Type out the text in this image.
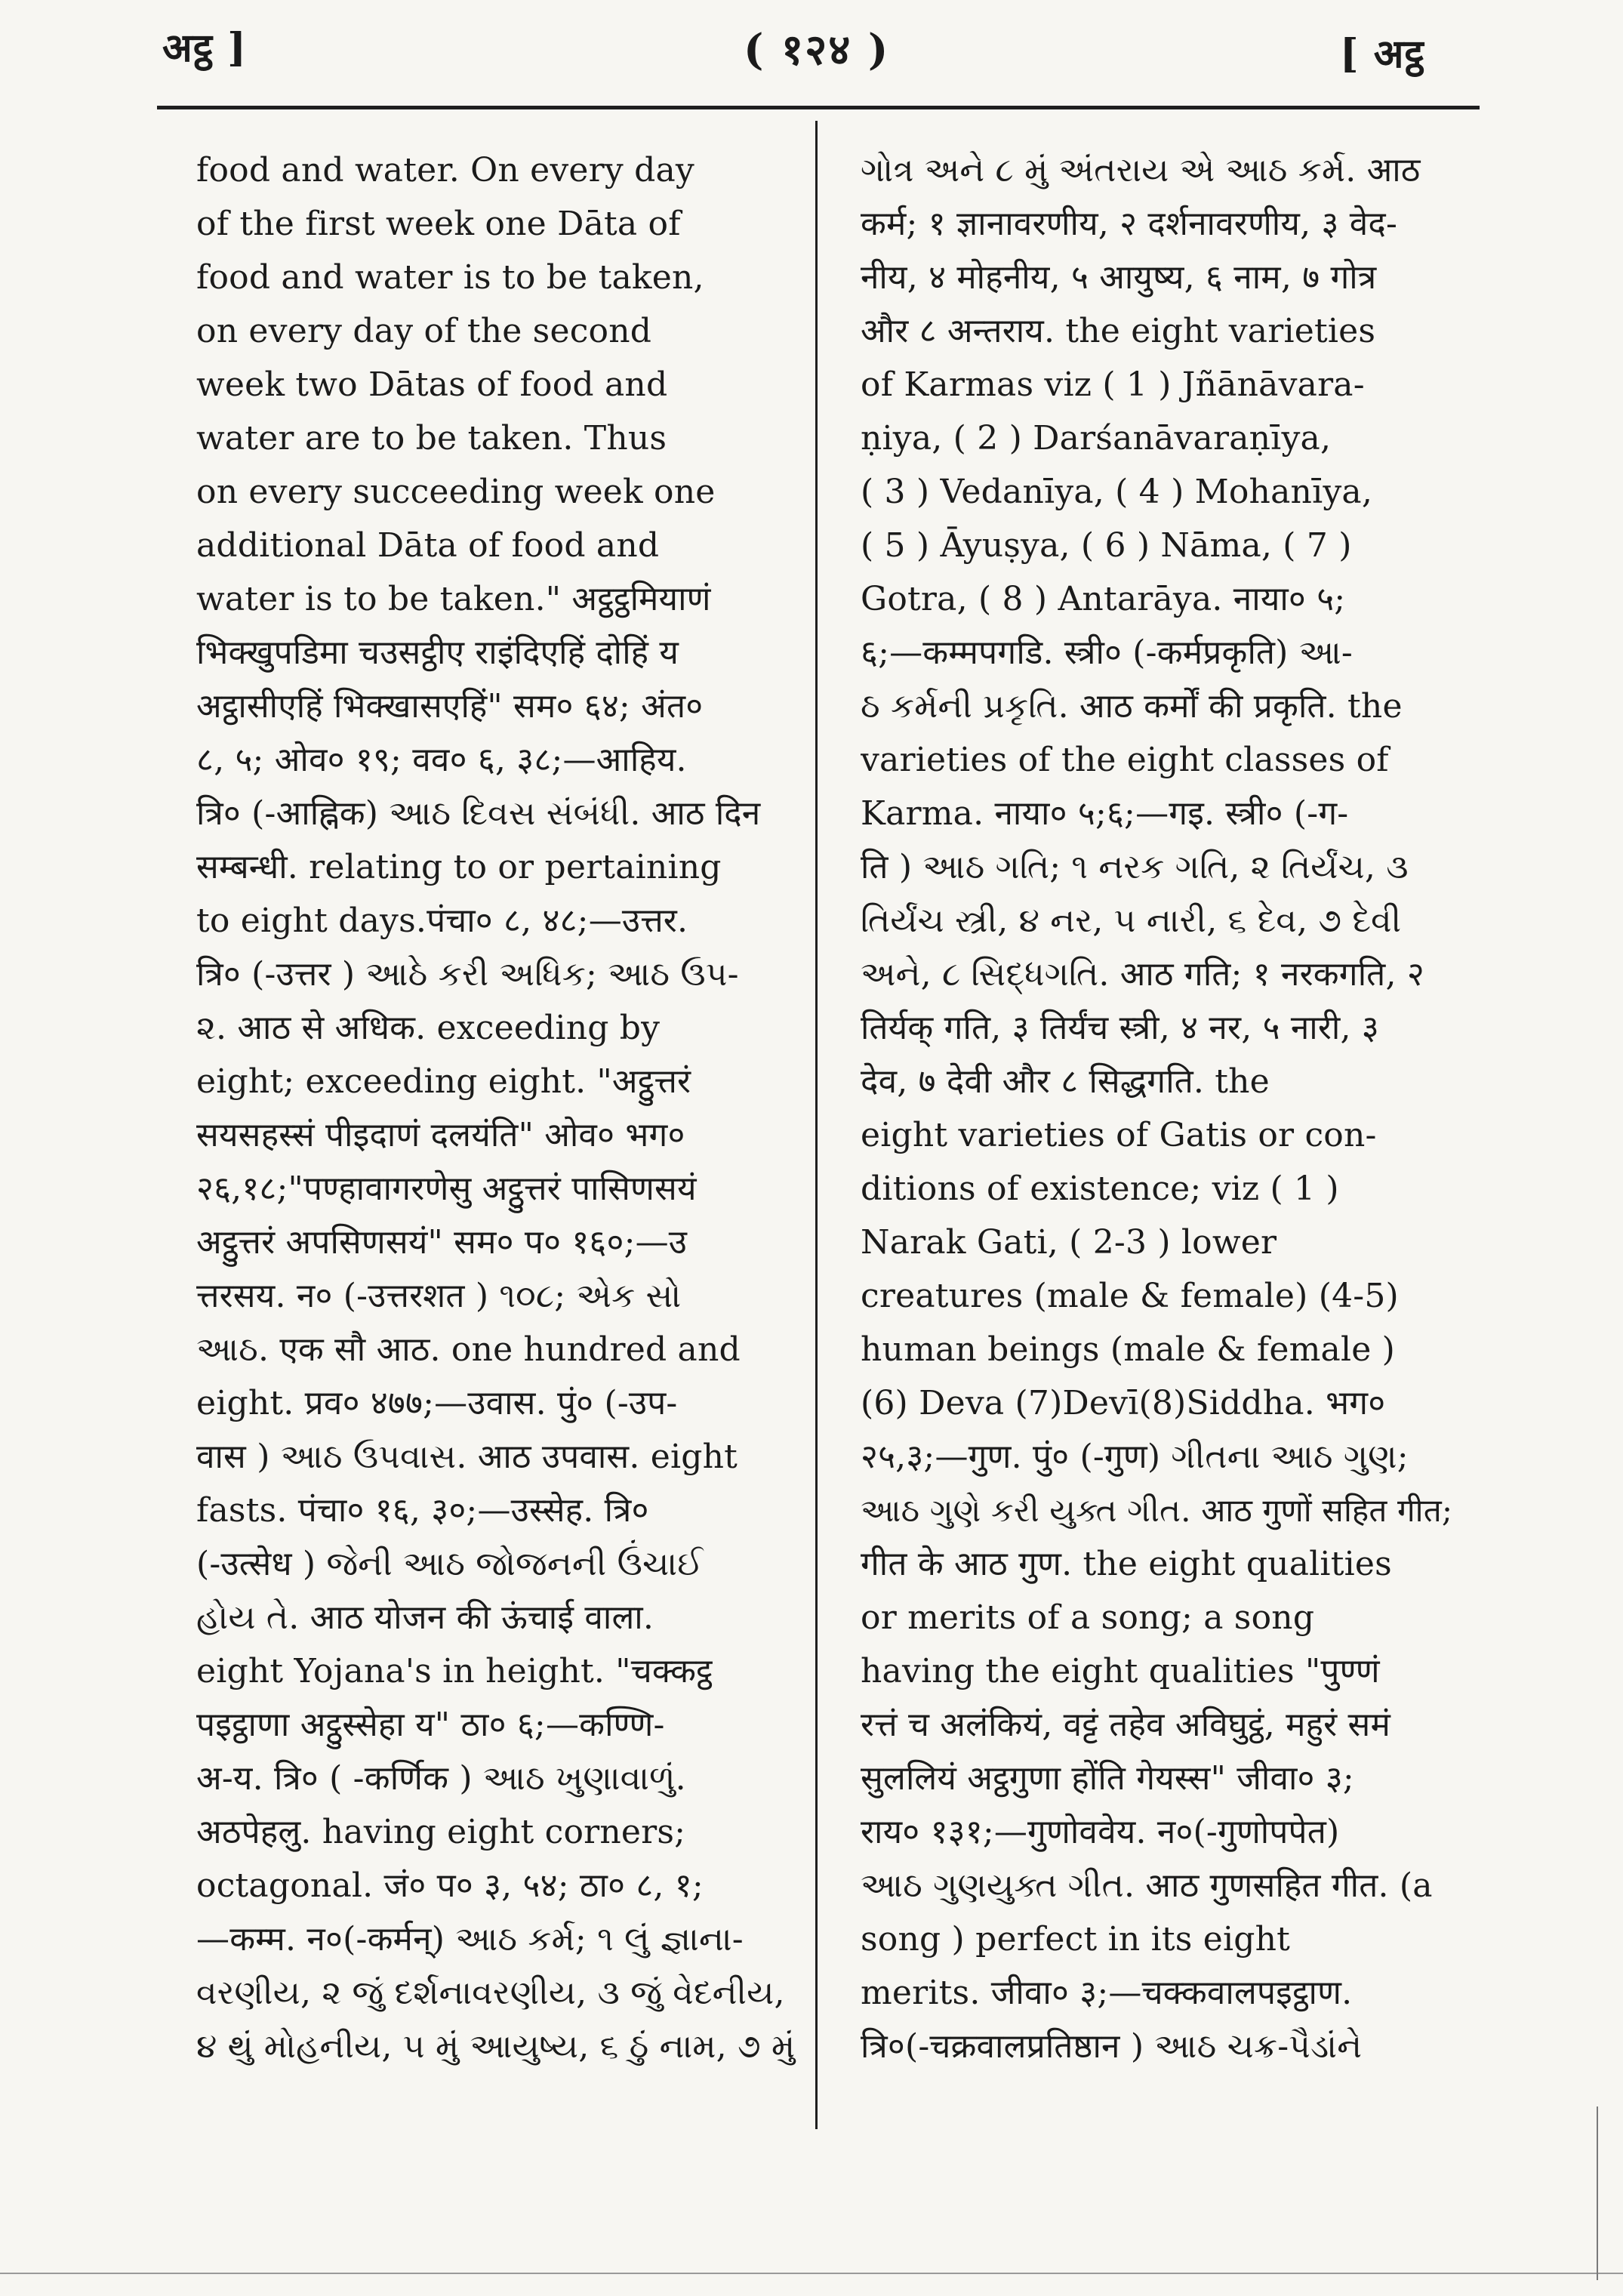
अट्ठ ]	( १२४ )	[ अट्ठ
food and water. On every day
of the first week one Dāta of
food and water is to be taken,
on every day of the second
week two Dātas of food and
water are to be taken. Thus
on every succeeding week one
additional Dāta of food and
water is to be taken." अट्ठट्ठमियाणं
भिक्खुपडिमा चउसट्ठीए राइंदिएहिं दोहिं य
अट्ठासीएहिं भिक्खासएहिं" सम० ६४; अंत०
८, ५; ओव० १९; वव० ६, ३८;—आहिय.
त्रि० (-आह्निक) આઠ દિવસ સંબંધી. आठ दिन
सम्बन्धी. relating to or pertaining
to eight days.पंचा० ८, ४८;—उत्तर.
त्रि० (-उत्तर ) આઠે કરી અધિક; આઠ ઉપ-
૨. आठ से अधिक. exceeding by
eight; exceeding eight. "अट्ठुत्तरं
सयसहस्सं पीइदाणं दलयंति" ओव० भग०
२६,१८;"पण्हावागरणेसु अट्ठुत्तरं पासिणसयं
अट्ठुत्तरं अपसिणसयं" सम० प० १६०;—उ
त्तरसय. न० (-उत्तरशत ) ૧૦૮; એક સો
આઠ. एक सौ आठ. one hundred and
eight. प्रव० ४७७;—उवास. पुं० (-उप-
वास ) આઠ ઉપવાસ. आठ उपवास. eight
fasts. पंचा० १६, ३०;—उस्सेह. त्रि०
(-उत्सेध ) જેની આઠ જોજનની ઉંચાઈ
હોય તે. आठ योजन की ऊंचाई वाला.
eight Yojana's in height. "चक्कट्ठ
पइट्ठाणा अट्ठुस्सेहा य" ठा० ६;—कण्णि-
अ-य. त्रि० ( -कर्णिक ) આઠ ખુણાવાળું.
अठपेहलु. having eight corners;
octagonal. जं० प० ३, ५४; ठा० ८, १;
—कम्म. न०(-कर्मन्) આઠ કર્મ; ૧ લું જ્ઞાના-
વરણીય, ૨ જું દર્શનાવરણીય, ૩ જું વેદનીય,
૪ થું મોહનીય, ૫ મું આયુષ્ય, ૬ ઠું નામ, ૭ મું
ગોત્ર અને ૮ મું અંતરાય એ આઠ કર્મ. आठ
कर्म; १ ज्ञानावरणीय, २ दर्शनावरणीय, ३ वेद-
नीय, ४ मोहनीय, ५ आयुष्य, ६ नाम, ७ गोत्र
और ८ अन्तराय. the eight varieties
of Karmas viz ( 1 ) Jñānāvara-
ṇiya, ( 2 ) Darśanāvaraṇīya,
( 3 ) Vedanīya, ( 4 ) Mohanīya,
( 5 ) Āyuṣya, ( 6 ) Nāma, ( 7 )
Gotra, ( 8 ) Antarāya. नाया० ५;
६;—कम्मपगडि. स्त्री० (-कर्मप्रकृति) આ-
ઠ કર્મની પ્રકૃતિ. आठ कर्मों की प्रकृति. the
varieties of the eight classes of
Karma. नाया० ५;६;—गइ. स्त्री० (-ग-
ति ) આઠ ગતિ; ૧ નરક ગતિ, ૨ તિર્યંચ, ૩
તિર્યંચ સ્ત્રી, ૪ નર, ૫ નારી, ૬ દેવ, ૭ દેવી
અને, ૮ સિદ્ધગતિ. आठ गति; १ नरकगति, २
तिर्यक् गति, ३ तिर्यंच स्त्री, ४ नर, ५ नारी, ३
देव, ७ देवी और ८ सिद्धगति. the
eight varieties of Gatis or con-
ditions of existence; viz ( 1 )
Narak Gati, ( 2-3 ) lower
creatures (male & female) (4-5)
human beings (male & female )
(6) Deva (7)Devī(8)Siddha. भग०
२५,३;—गुण. पुं० (-गुण) ગીતના આઠ ગુણ;
આઠ ગુણે કરી યુક્ત ગીત. आठ गुणों सहित गीत;
गीत के आठ गुण. the eight qualities
or merits of a song; a song
having the eight qualities "पुण्णं
रत्तं च अलंकियं, वट्टं तहेव अविघुट्ठं, महुरं समं
सुललियं अट्ठगुणा होंति गेयस्स" जीवा० ३;
राय० १३१;—गुणोववेय. न०(-गुणोपपेत)
આઠ ગુણયુક્ત ગીત. आठ गुणसहित गीत. (a
song ) perfect in its eight
merits. जीवा० ३;—चक्कवालपइट्ठाण.
त्रि०(-चक्रवालप्रतिष्ठान ) આઠ ચક્ર-પૈડાંને
